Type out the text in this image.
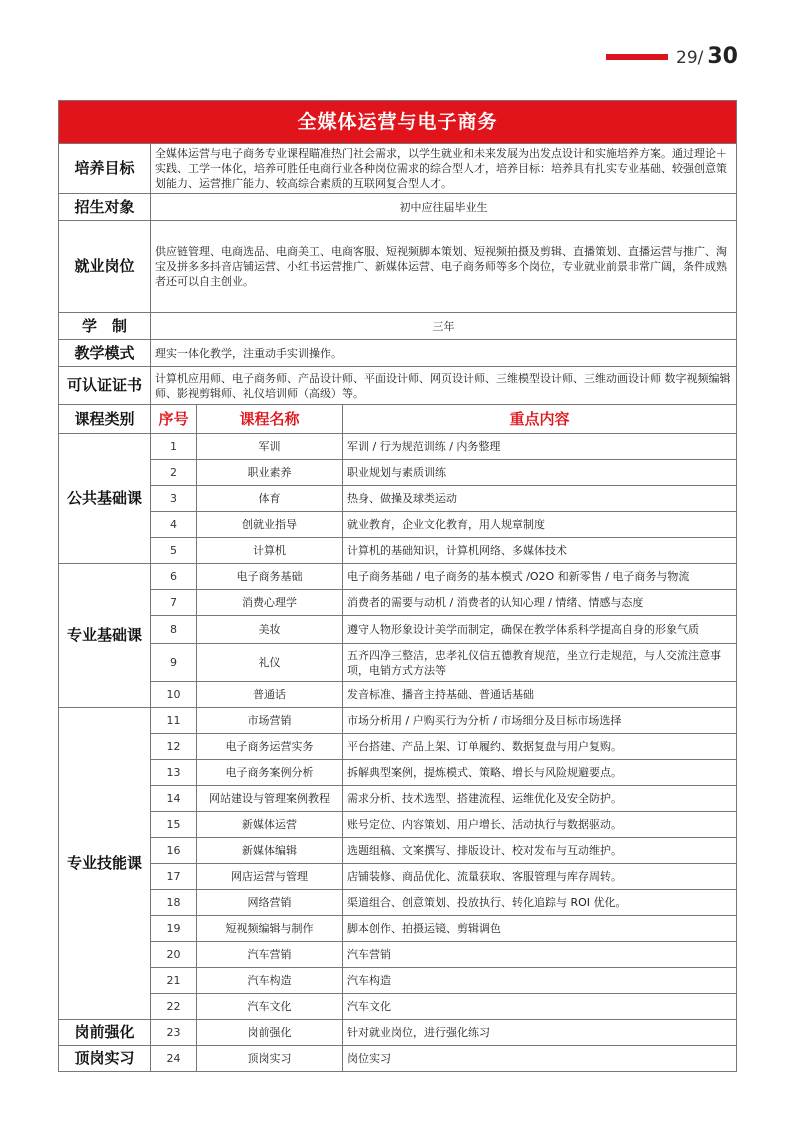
29/ 30
全媒体运营与电子商务			
培养目标	全媒体运营与电子商务专业课程瞄准热门社会需求，以学生就业和未来发展为出发点设计和实施培养方案。通过理论＋实践、工学一体化，培养可胜任电商行业各种岗位需求的综合型人才，培养目标：培养具有扎实专业基础、较强创意策划能力、运营推广能力、较高综合素质的互联网复合型人才。		
招生对象	初中应往届毕业生		
就业岗位	供应链管理、电商选品、电商美工、电商客服、短视频脚本策划、短视频拍摄及剪辑、直播策划、直播运营与推广、淘宝及拼多多抖音店铺运营、小红书运营推广、新媒体运营、电子商务师等多个岗位，专业就业前景非常广阔，条件成熟者还可以自主创业。		
学　制	三年		
教学模式	理实一体化教学，注重动手实训操作。		
可认证证书	计算机应用师、电子商务师、产品设计师、平面设计师、网页设计师、三维模型设计师、三维动画设计师 数字视频编辑师、影视剪辑师、礼仪培训师（高级）等。		
课程类别	序号	课程名称	重点内容
公共基础课	1	军训	军训 / 行为规范训练 / 内务整理
	2	职业素养	职业规划与素质训练
	3	体育	热身、做操及球类运动
	4	创就业指导	就业教育，企业文化教育，用人规章制度
	5	计算机	计算机的基础知识，计算机网络、多媒体技术
专业基础课	6	电子商务基础	电子商务基础 / 电子商务的基本模式 /O2O 和新零售 / 电子商务与物流
	7	消费心理学	消费者的需要与动机 / 消费者的认知心理 / 情绪、情感与态度
	8	美妆	遵守人物形象设计美学而制定，确保在教学体系科学提高自身的形象气质
	9	礼仪	五齐四净三整洁，忠孝礼仪信五德教育规范，坐立行走规范，与人交流注意事项，电销方式方法等
	10	普通话	发音标准、播音主持基础、普通话基础
专业技能课	11	市场营销	市场分析用 / 户购买行为分析 / 市场细分及目标市场选择
	12	电子商务运营实务	平台搭建、产品上架、订单履约、数据复盘与用户复购。
	13	电子商务案例分析	拆解典型案例，提炼模式、策略、增长与风险规避要点。
	14	网站建设与管理案例教程	需求分析、技术选型、搭建流程、运维优化及安全防护。
	15	新媒体运营	账号定位、内容策划、用户增长、活动执行与数据驱动。
	16	新媒体编辑	选题组稿、文案撰写、排版设计、校对发布与互动维护。
	17	网店运营与管理	店铺装修、商品优化、流量获取、客服管理与库存周转。
	18	网络营销	渠道组合、创意策划、投放执行、转化追踪与 ROI 优化。
	19	短视频编辑与制作	脚本创作、拍摄运镜、剪辑调色
	20	汽车营销	汽车营销
	21	汽车构造	汽车构造
	22	汽车文化	汽车文化
岗前强化	23	岗前强化	针对就业岗位，进行强化练习
顶岗实习	24	顶岗实习	岗位实习
